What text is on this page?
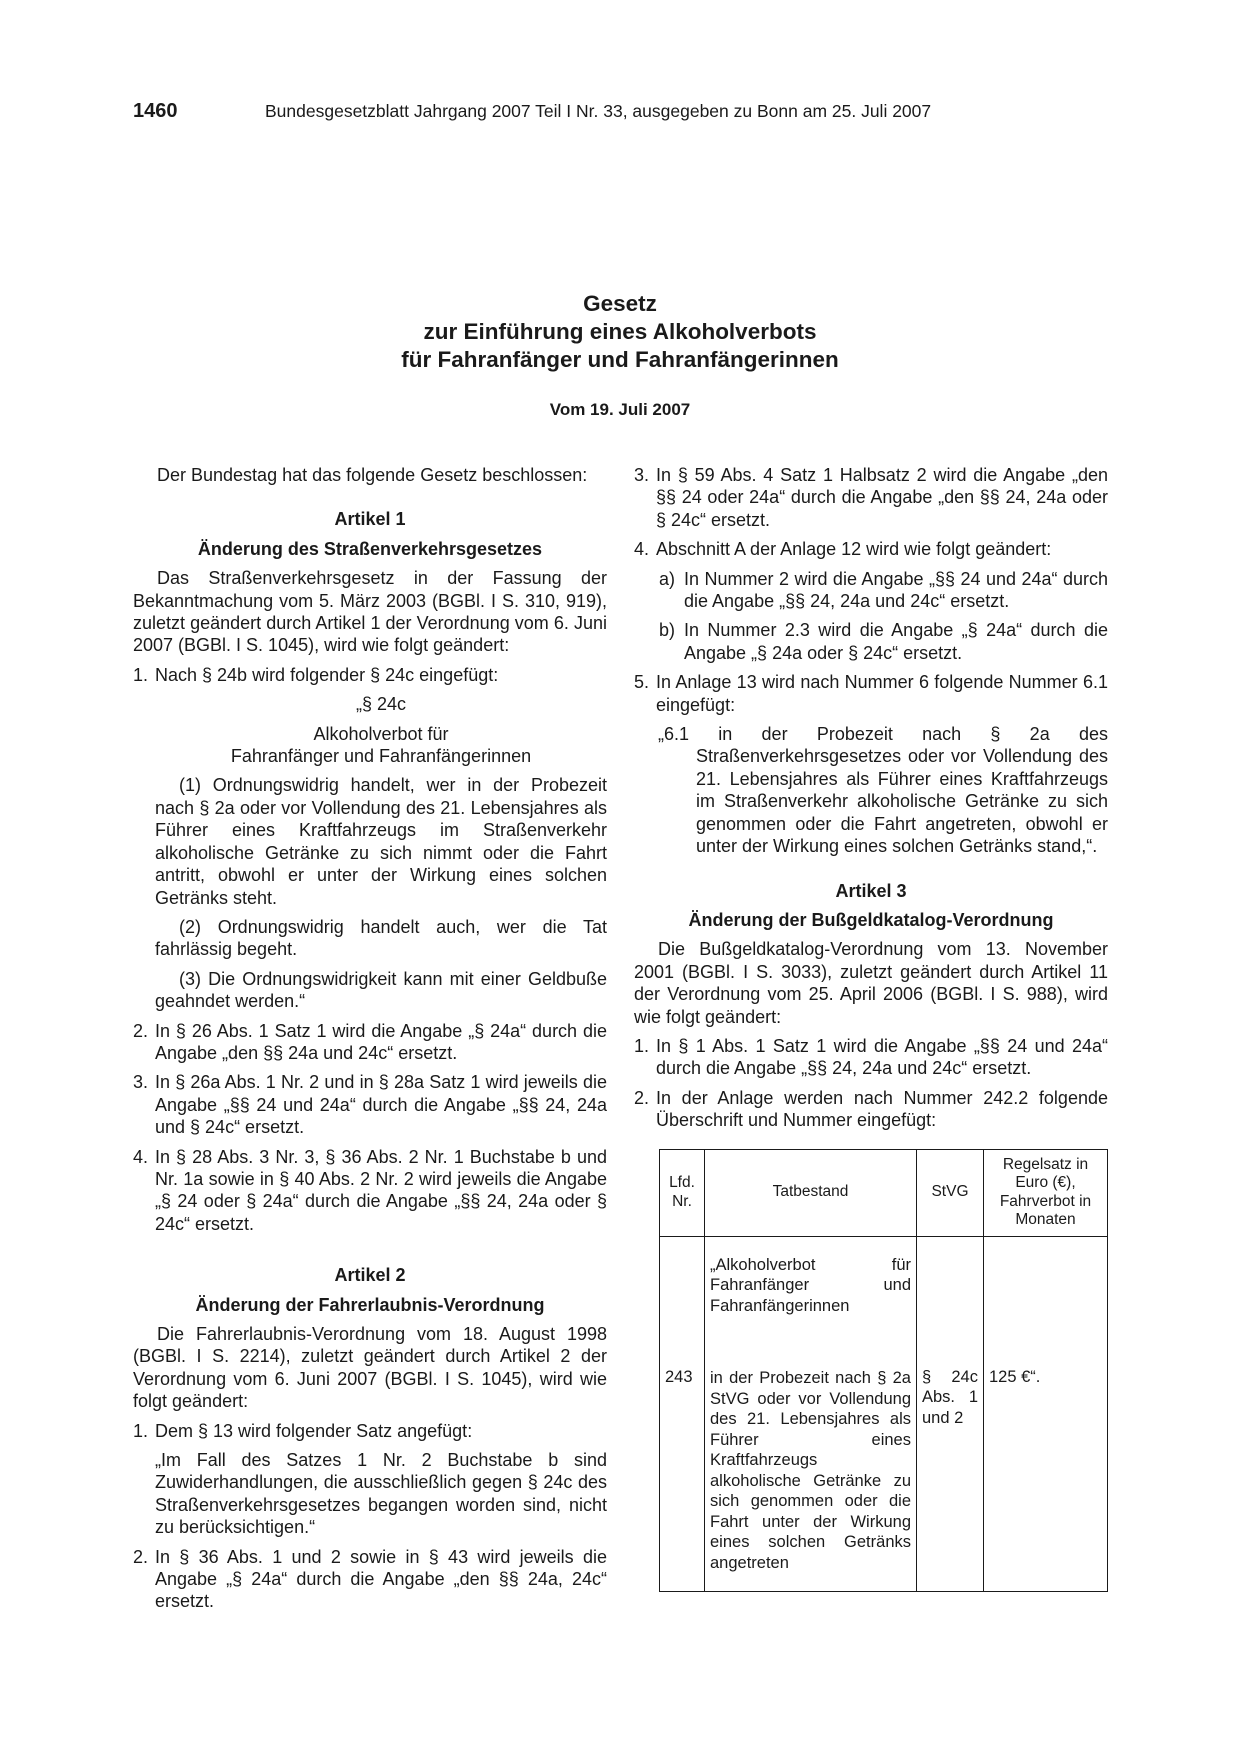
1460	Bundesgesetzblatt Jahrgang 2007 Teil I Nr. 33, ausgegeben zu Bonn am 25. Juli 2007
Gesetz
zur Einführung eines Alkoholverbots
für Fahranfänger und Fahranfängerinnen
Vom 19. Juli 2007

Der Bundestag hat das folgende Gesetz beschlossen:

Artikel 1

Änderung des Straßenverkehrsgesetzes

Das Straßenverkehrsgesetz in der Fassung der Bekanntmachung vom 5. März 2003 (BGBl. I S. 310, 919), zuletzt geändert durch Artikel 1 der Verordnung vom 6. Juni 2007 (BGBl. I S. 1045), wird wie folgt geändert:

1. Nach § 24b wird folgender § 24c eingefügt:

„§ 24c

Alkoholverbot für

Fahranfänger und Fahranfängerinnen

(1) Ordnungswidrig handelt, wer in der Probezeit nach § 2a oder vor Vollendung des 21. Lebensjahres als Führer eines Kraftfahrzeugs im Straßenverkehr alkoholische Getränke zu sich nimmt oder die Fahrt antritt, obwohl er unter der Wirkung eines solchen Getränks steht.

(2) Ordnungswidrig handelt auch, wer die Tat fahrlässig begeht.

(3) Die Ordnungswidrigkeit kann mit einer Geldbuße geahndet werden.“

2. In § 26 Abs. 1 Satz 1 wird die Angabe „§ 24a“ durch die Angabe „den §§ 24a und 24c“ ersetzt.
3. In § 26a Abs. 1 Nr. 2 und in § 28a Satz 1 wird jeweils die Angabe „§§ 24 und 24a“ durch die Angabe „§§ 24, 24a und § 24c“ ersetzt.
4. In § 28 Abs. 3 Nr. 3, § 36 Abs. 2 Nr. 1 Buchstabe b und Nr. 1a sowie in § 40 Abs. 2 Nr. 2 wird jeweils die Angabe „§ 24 oder § 24a“ durch die Angabe „§§ 24, 24a oder § 24c“ ersetzt.

Artikel 2

Änderung der Fahrerlaubnis-Verordnung

Die Fahrerlaubnis-Verordnung vom 18. August 1998 (BGBl. I S. 2214), zuletzt geändert durch Artikel 2 der Verordnung vom 6. Juni 2007 (BGBl. I S. 1045), wird wie folgt geändert:

1. Dem § 13 wird folgender Satz angefügt:

„Im Fall des Satzes 1 Nr. 2 Buchstabe b sind Zuwiderhandlungen, die ausschließlich gegen § 24c des Straßenverkehrsgesetzes begangen worden sind, nicht zu berücksichtigen.“

2. In § 36 Abs. 1 und 2 sowie in § 43 wird jeweils die Angabe „§ 24a“ durch die Angabe „den §§ 24a, 24c“ ersetzt.
3. In § 59 Abs. 4 Satz 1 Halbsatz 2 wird die Angabe „den §§ 24 oder 24a“ durch die Angabe „den §§ 24, 24a oder § 24c“ ersetzt.
4. Abschnitt A der Anlage 12 wird wie folgt geändert:
a) In Nummer 2 wird die Angabe „§§ 24 und 24a“ durch die Angabe „§§ 24, 24a und 24c“ ersetzt.
b) In Nummer 2.3 wird die Angabe „§ 24a“ durch die Angabe „§ 24a oder § 24c“ ersetzt.
5. In Anlage 13 wird nach Nummer 6 folgende Nummer 6.1 eingefügt:

„6.1 in der Probezeit nach § 2a des Straßenverkehrsgesetzes oder vor Vollendung des 21. Lebensjahres als Führer eines Kraftfahrzeugs im Straßenverkehr alkoholische Getränke zu sich genommen oder die Fahrt angetreten, obwohl er unter der Wirkung eines solchen Getränks stand,“.

Artikel 3

Änderung der Bußgeldkatalog-Verordnung

Die Bußgeldkatalog-Verordnung vom 13. November 2001 (BGBl. I S. 3033), zuletzt geändert durch Artikel 11 der Verordnung vom 25. April 2006 (BGBl. I S. 988), wird wie folgt geändert:

1. In § 1 Abs. 1 Satz 1 wird die Angabe „§§ 24 und 24a“ durch die Angabe „§§ 24, 24a und 24c“ ersetzt.
2. In der Anlage werden nach Nummer 242.2 folgende Überschrift und Nummer eingefügt:
Lfd. Nr.	Tatbestand	StVG	Regelsatz in Euro (€), Fahrverbot in Monaten
243	„Alkoholverbot für Fahranfänger und Fahranfängerinnen
in der Probezeit nach § 2a StVG oder vor Vollendung des 21. Lebensjahres als Führer eines Kraftfahrzeugs alkoholische Getränke zu sich genommen oder die Fahrt unter der Wirkung eines solchen Getränks angetreten	§ 24c Abs. 1 und 2	125 €“.
